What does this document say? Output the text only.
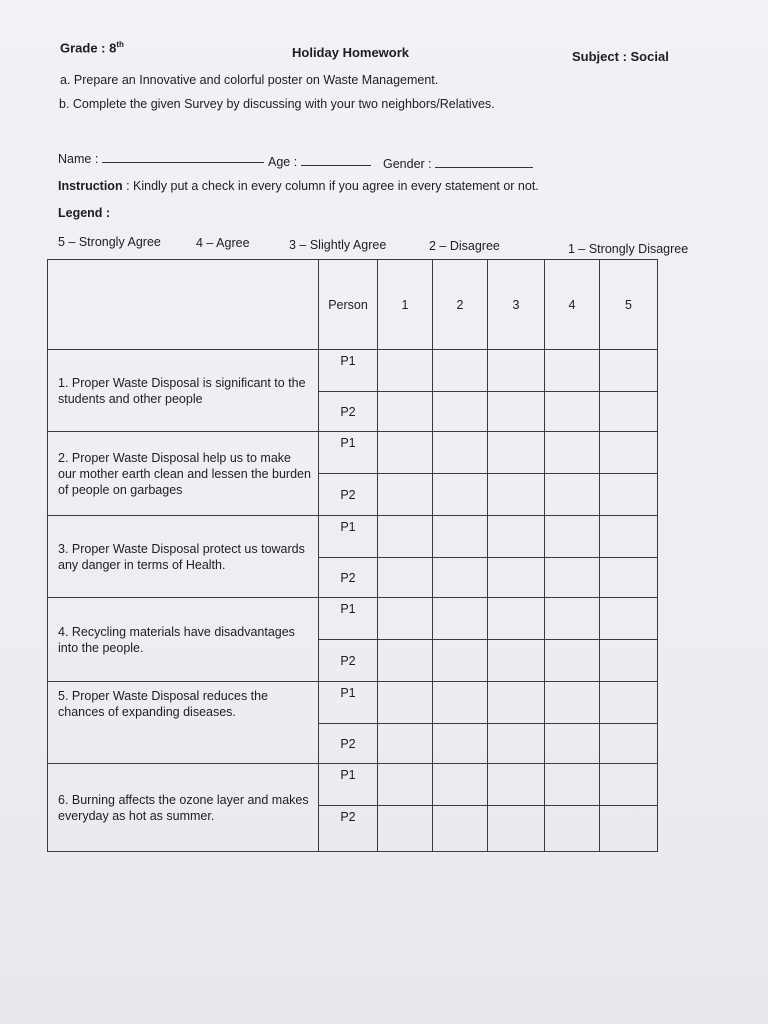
Grade : 8th
Holiday Homework	Subject : Social
a. Prepare an Innovative and colorful poster on Waste Management.
b. Complete the given Survey by discussing with your two neighbors/Relatives.
Name :	Age :	Gender :
Instruction : Kindly put a check in every column if you agree in every statement or not.
Legend :
5 – Strongly Agree	4 – Agree	3 – Slightly Agree	2 – Disagree	1 – Strongly Disagree
	Person	1	2	3	4	5
1. Proper Waste Disposal is significant to the students and other people	P1					
	P2					
2. Proper Waste Disposal help us to make our mother earth clean and lessen the burden of people on garbages	P1					
	P2					
3. Proper Waste Disposal protect us towards any danger in terms of Health.	P1					
	P2					
4. Recycling materials have disadvantages into the people.	P1					
	P2					
5. Proper Waste Disposal reduces the chances of expanding diseases.	P1					
	P2					
6. Burning affects the ozone layer and makes everyday as hot as summer.	P1					
	P2					
